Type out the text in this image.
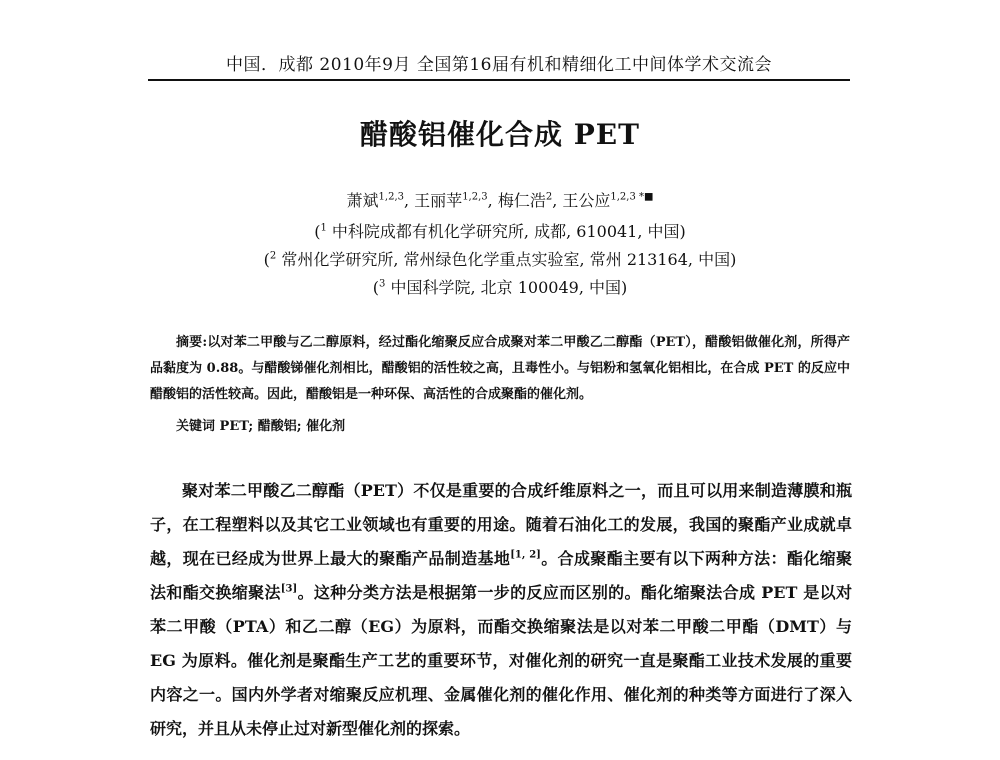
中国．成都 2010年9月 全国第16届有机和精细化工中间体学术交流会
醋酸铝催化合成 PET
萧斌$^{1,2,3}$, 王丽苹$^{1,2,3}$, 梅仁浩$^2$, 王公应$^{1,2,3 *■}$
($^1$ 中科院成都有机化学研究所, 成都, 610041, 中国)
($^2$ 常州化学研究所, 常州绿色化学重点实验室, 常州 213164, 中国)
($^3$ 中国科学院, 北京 100049, 中国)
摘要:以对苯二甲酸与乙二醇原料，经过酯化缩聚反应合成聚对苯二甲酸乙二醇酯（PET），醋酸铝做催化剂，所得产品黏度为 0.88。与醋酸锑催化剂相比，醋酸铝的活性较之高，且毒性小。与铝粉和氢氧化铝相比，在合成 PET 的反应中醋酸铝的活性较高。因此，醋酸铝是一种环保、高活性的合成聚酯的催化剂。
关键词 PET; 醋酸铝; 催化剂

聚对苯二甲酸乙二醇酯（PET）不仅是重要的合成纤维原料之一，而且可以用来制造薄膜和瓶子，在工程塑料以及其它工业领域也有重要的用途。随着石油化工的发展，我国的聚酯产业成就卓越，现在已经成为世界上最大的聚酯产品制造基地[1, 2]。合成聚酯主要有以下两种方法：酯化缩聚法和酯交换缩聚法[3]。这种分类方法是根据第一步的反应而区别的。酯化缩聚法合成 PET 是以对苯二甲酸（PTA）和乙二醇（EG）为原料，而酯交换缩聚法是以对苯二甲酸二甲酯（DMT）与 EG 为原料。催化剂是聚酯生产工艺的重要环节，对催化剂的研究一直是聚酯工业技术发展的重要内容之一。国内外学者对缩聚反应机理、金属催化剂的催化作用、催化剂的种类等方面进行了深入研究，并且从未停止过对新型催化剂的探索。
